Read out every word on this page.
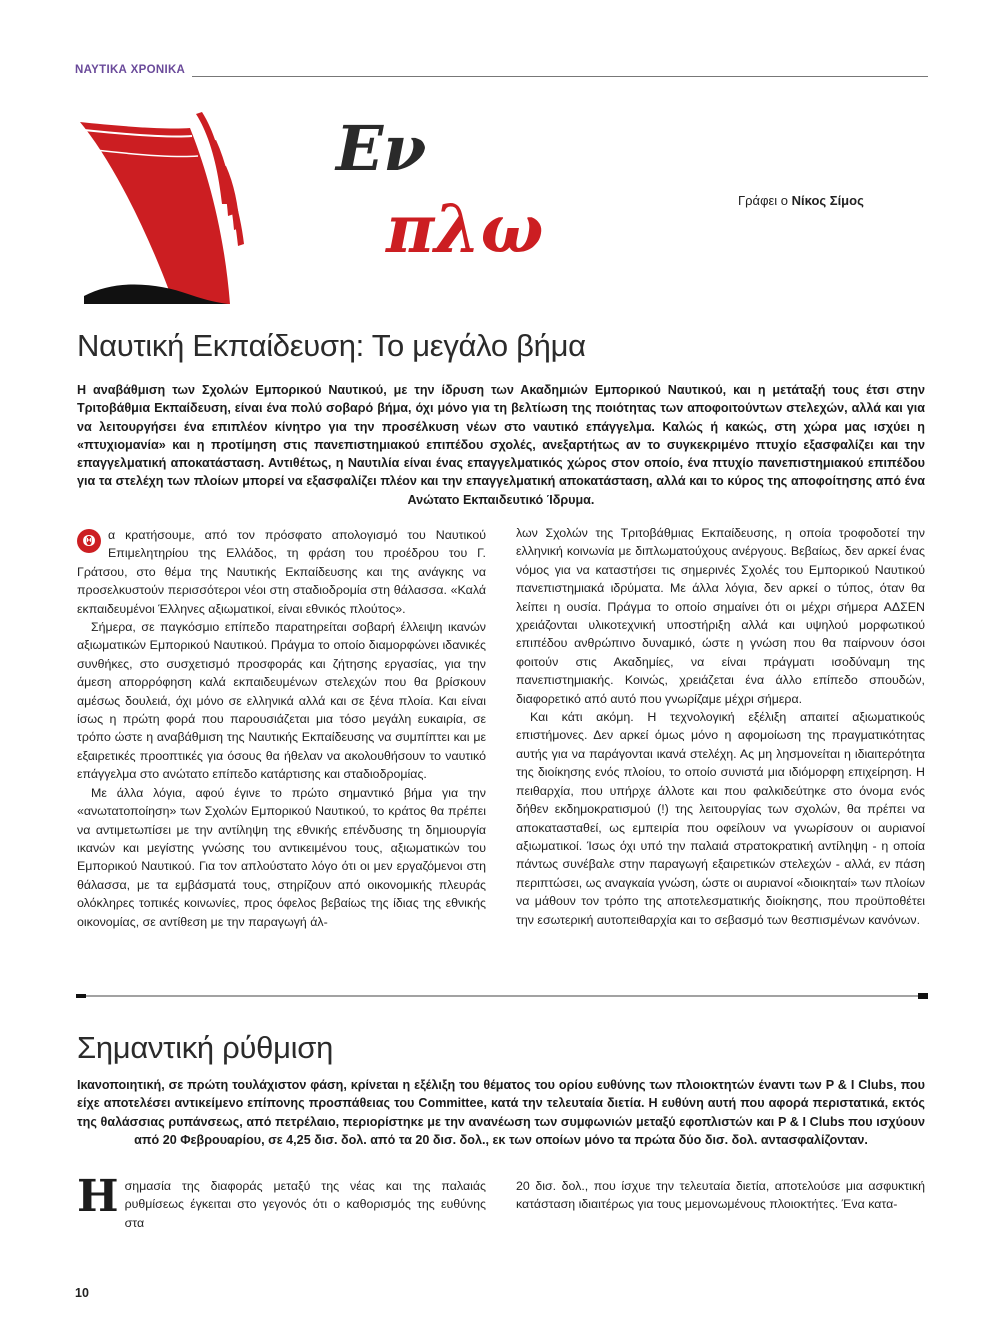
ΝΑΥΤΙΚΑ ΧΡΟΝΙΚΑ
Εν
πλω	Γράφει ο Νίκος Σίμος
Ναυτική Εκπαίδευση: Το μεγάλο βήμα

Η αναβάθμιση των Σχολών Εμπορικού Ναυτικού, με την ίδρυση των Ακαδημιών Εμπορικού Ναυτικού, και η μετάταξή τους έτσι στην Τριτοβάθμια Εκπαίδευση, είναι ένα πολύ σοβαρό βήμα, όχι μόνο για τη βελτίωση της ποιότητας των αποφοιτούντων στελεχών, αλλά και για να λειτουργήσει ένα επιπλέον κίνητρο για την προσέλκυση νέων στο ναυτικό επάγγελμα. Καλώς ή κακώς, στη χώρα μας ισχύει η «πτυχιομανία» και η προτίμηση στις πανεπιστημιακού επιπέδου σχολές, ανεξαρτήτως αν το συγκεκριμένο πτυχίο εξασφαλίζει και την επαγγελματική αποκατάσταση. Αντιθέτως, η Ναυτιλία είναι ένας επαγγελματικός χώρος στον οποίο, ένα πτυχίο πανεπιστημιακού επιπέδου για τα στελέχη των πλοίων μπορεί να εξασφαλίζει πλέον και την επαγγελματική αποκατάσταση, αλλά και το κύρος της αποφοίτησης από ένα Ανώτατο Εκπαιδευτικό Ίδρυμα.

Θ	α κρατήσουμε, από τον πρόσφατο απολογισμό του Ναυτικού Επιμελητηρίου της Ελλάδος, τη φράση του προέδρου του Γ. Γράτσου, στο θέμα της Ναυτικής Εκπαίδευσης και της ανάγκης να προσελκυστούν περισσότεροι νέοι στη σταδιοδρομία στη θάλασσα. «Καλά εκπαιδευμένοι Έλληνες αξιωματικοί, είναι εθνικός πλούτος».

Σήμερα, σε παγκόσμιο επίπεδο παρατηρείται σοβαρή έλλειψη ικανών αξιωματικών Εμπορικού Ναυτικού. Πράγμα το οποίο διαμορφώνει ιδανικές συνθήκες, στο συσχετισμό προσφοράς και ζήτησης εργασίας, για την άμεση απορρόφηση καλά εκπαιδευμένων στελεχών που θα βρίσκουν αμέσως δουλειά, όχι μόνο σε ελληνικά αλλά και σε ξένα πλοία. Και είναι ίσως η πρώτη φορά που παρουσιάζεται μια τόσο μεγάλη ευκαιρία, σε τρόπο ώστε η αναβάθμιση της Ναυτικής Εκπαίδευσης να συμπίπτει και με εξαιρετικές προοπτικές για όσους θα ήθελαν να ακολουθήσουν το ναυτικό επάγγελμα στο ανώτατο επίπεδο κατάρτισης και σταδιοδρομίας.

Με άλλα λόγια, αφού έγινε το πρώτο σημαντικό βήμα για την «ανωτατοποίηση» των Σχολών Εμπορικού Ναυτικού, το κράτος θα πρέπει να αντιμετωπίσει με την αντίληψη της εθνικής επένδυσης τη δημιουργία ικανών και μεγίστης γνώσης του αντικειμένου τους, αξιωματικών του Εμπορικού Ναυτικού. Για τον απλούστατο λόγο ότι οι μεν εργαζόμενοι στη θάλασσα, με τα εμβάσματά τους, στηρίζουν από οικονομικής πλευράς ολόκληρες τοπικές κοινωνίες, προς όφελος βεβαίως της ίδιας της εθνικής οικονομίας, σε αντίθεση με την παραγωγή άλ-

λων Σχολών της Τριτοβάθμιας Εκπαίδευσης, η οποία τροφοδοτεί την ελληνική κοινωνία με διπλωματούχους ανέργους. Βεβαίως, δεν αρκεί ένας νόμος για να καταστήσει τις σημερινές Σχολές του Εμπορικού Ναυτικού πανεπιστημιακά ιδρύματα. Με άλλα λόγια, δεν αρκεί ο τύπος, όταν θα λείπει η ουσία. Πράγμα το οποίο σημαίνει ότι οι μέχρι σήμερα ΑΔΣΕΝ χρειάζονται υλικοτεχνική υποστήριξη αλλά και υψηλού μορφωτικού επιπέδου ανθρώπινο δυναμικό, ώστε η γνώση που θα παίρνουν όσοι φοιτούν στις Ακαδημίες, να είναι πράγματι ισοδύναμη της πανεπιστημιακής. Κοινώς, χρειάζεται ένα άλλο επίπεδο σπουδών, διαφορετικό από αυτό που γνωρίζαμε μέχρι σήμερα.

Και κάτι ακόμη. Η τεχνολογική εξέλιξη απαιτεί αξιωματικούς επιστήμονες. Δεν αρκεί όμως μόνο η αφομοίωση της πραγματικότητας αυτής για να παράγονται ικανά στελέχη. Ας μη λησμονείται η ιδιαιτερότητα της διοίκησης ενός πλοίου, το οποίο συνιστά μια ιδιόμορφη επιχείρηση. Η πειθαρχία, που υπήρχε άλλοτε και που φαλκιδεύτηκε στο όνομα ενός δήθεν εκδημοκρατισμού (!) της λειτουργίας των σχολών, θα πρέπει να αποκατασταθεί, ως εμπειρία που οφείλουν να γνωρίσουν οι αυριανοί αξιωματικοί. Ίσως όχι υπό την παλαιά στρατοκρατική αντίληψη - η οποία πάντως συνέβαλε στην παραγωγή εξαιρετικών στελεχών - αλλά, εν πάση περιπτώσει, ως αναγκαία γνώση, ώστε οι αυριανοί «διοικηταί» των πλοίων να μάθουν τον τρόπο της αποτελεσματικής διοίκησης, που προϋποθέτει την εσωτερική αυτοπειθαρχία και το σεβασμό των θεσπισμένων κανόνων.

Σημαντική ρύθμιση

Ικανοποιητική, σε πρώτη τουλάχιστον φάση, κρίνεται η εξέλιξη του θέματος του ορίου ευθύνης των πλοιοκτητών έναντι των P & I Clubs, που είχε αποτελέσει αντικείμενο επίπονης προσπάθειας του Committee, κατά την τελευταία διετία. Η ευθύνη αυτή που αφορά περιστατικά, εκτός της θαλάσσιας ρυπάνσεως, από πετρέλαιο, περιορίστηκε με την ανανέωση των συμφωνιών μεταξύ εφοπλιστών και P & I Clubs που ισχύουν από 20 Φεβρουαρίου, σε 4,25 δισ. δολ. από τα 20 δισ. δολ., εκ των οποίων μόνο τα πρώτα δύο δισ. δολ. αντασφαλίζονταν.

Ησημασία της διαφοράς μεταξύ της νέας και της παλαιάς ρυθμίσεως έγκειται στο γεγονός ότι ο καθορισμός της ευθύνης στα

20 δισ. δολ., που ίσχυε την τελευταία διετία, αποτελούσε μια ασφυκτική κατάσταση ιδιαιτέρως για τους μεμονωμένους πλοιοκτήτες. Ένα κατα-

10
